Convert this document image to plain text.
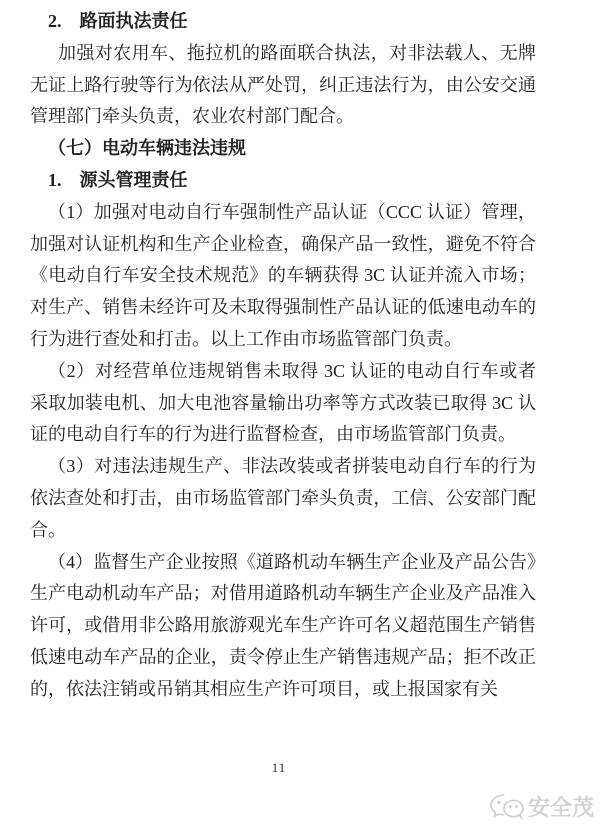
2.　路面执法责任

加强对农用车、拖拉机的路面联合执法，对非法载人、无牌无证上路行驶等行为依法从严处罚，纠正违法行为，由公安交通管理部门牵头负责，农业农村部门配合。

（七）电动车辆违法违规

1.　源头管理责任

（1）加强对电动自行车强制性产品认证（CCC 认证）管理，加强对认证机构和生产企业检查，确保产品一致性，避免不符合《电动自行车安全技术规范》的车辆获得 3C 认证并流入市场；对生产、销售未经许可及未取得强制性产品认证的低速电动车的行为进行查处和打击。以上工作由市场监管部门负责。

（2）对经营单位违规销售未取得 3C 认证的电动自行车或者采取加装电机、加大电池容量输出功率等方式改装已取得 3C 认证的电动自行车的行为进行监督检查，由市场监管部门负责。

（3）对违法违规生产、非法改装或者拼装电动自行车的行为依法查处和打击，由市场监管部门牵头负责，工信、公安部门配合。

（4）监督生产企业按照《道路机动车辆生产企业及产品公告》生产电动机动车产品；对借用道路机动车辆生产企业及产品准入许可，或借用非公路用旅游观光车生产许可名义超范围生产销售低速电动车产品的企业，责令停止生产销售违规产品；拒不改正的，依法注销或吊销其相应生产许可项目，或上报国家有关

11
安全茂
